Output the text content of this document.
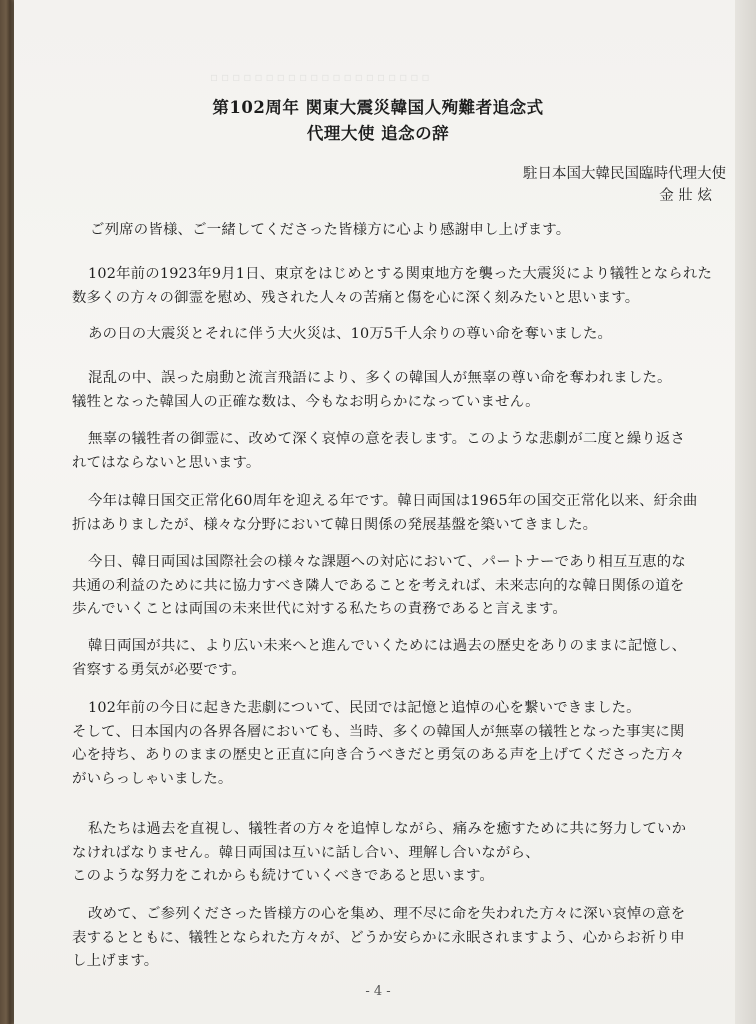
▫▫▫▫▫▫▫▫▫▫▫▫▫▫▫▫▫▫▫▫
第102周年 関東大震災韓国人殉難者追念式
代理大使 追念の辞
駐日本国大韓民国臨時代理大使
金 壯 炫
ご列席の皆様、ご一緒してくださった皆様方に心より感謝申し上げます。
102年前の1923年9月1日、東京をはじめとする関東地方を襲った大震災により犠牲となられた
数多くの方々の御霊を慰め、残された人々の苦痛と傷を心に深く刻みたいと思います。
あの日の大震災とそれに伴う大火災は、10万5千人余りの尊い命を奪いました。
混乱の中、誤った扇動と流言飛語により、多くの韓国人が無辜の尊い命を奪われました。
犠牲となった韓国人の正確な数は、今もなお明らかになっていません。
無辜の犠牲者の御霊に、改めて深く哀悼の意を表します。このような悲劇が二度と繰り返さ
れてはならないと思います。
今年は韓日国交正常化60周年を迎える年です。韓日両国は1965年の国交正常化以来、紆余曲
折はありましたが、様々な分野において韓日関係の発展基盤を築いてきました。
今日、韓日両国は国際社会の様々な課題への対応において、パートナーであり相互互恵的な
共通の利益のために共に協力すべき隣人であることを考えれば、未来志向的な韓日関係の道を
歩んでいくことは両国の未来世代に対する私たちの責務であると言えます。
韓日両国が共に、より広い未来へと進んでいくためには過去の歴史をありのままに記憶し、
省察する勇気が必要です。
102年前の今日に起きた悲劇について、民団では記憶と追悼の心を繋いできました。
そして、日本国内の各界各層においても、当時、多くの韓国人が無辜の犠牲となった事実に関
心を持ち、ありのままの歴史と正直に向き合うべきだと勇気のある声を上げてくださった方々
がいらっしゃいました。
私たちは過去を直視し、犠牲者の方々を追悼しながら、痛みを癒すために共に努力していか
なければなりません。韓日両国は互いに話し合い、理解し合いながら、
このような努力をこれからも続けていくべきであると思います。
改めて、ご参列くださった皆様方の心を集め、理不尽に命を失われた方々に深い哀悼の意を
表するとともに、犠牲となられた方々が、どうか安らかに永眠されますよう、心からお祈り申
し上げます。
- 4 -
